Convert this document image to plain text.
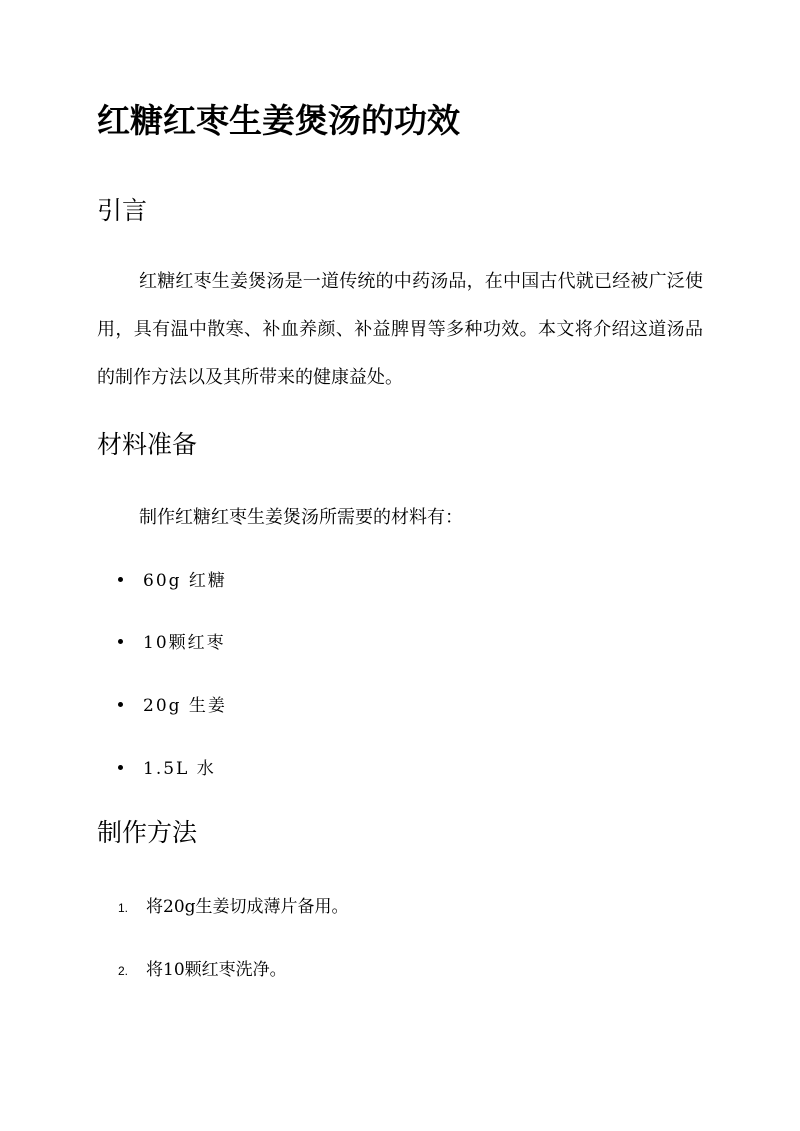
红糖红枣生姜煲汤的功效
引言

红糖红枣生姜煲汤是一道传统的中药汤品，在中国古代就已经被广泛使用，具有温中散寒、补血养颜、补益脾胃等多种功效。本文将介绍这道汤品的制作方法以及其所带来的健康益处。

材料准备

制作红糖红枣生姜煲汤所需要的材料有：

60g 红糖
10颗红枣
20g 生姜
1.5L 水
制作方法
1. 将20g生姜切成薄片备用。
2. 将10颗红枣洗净。
